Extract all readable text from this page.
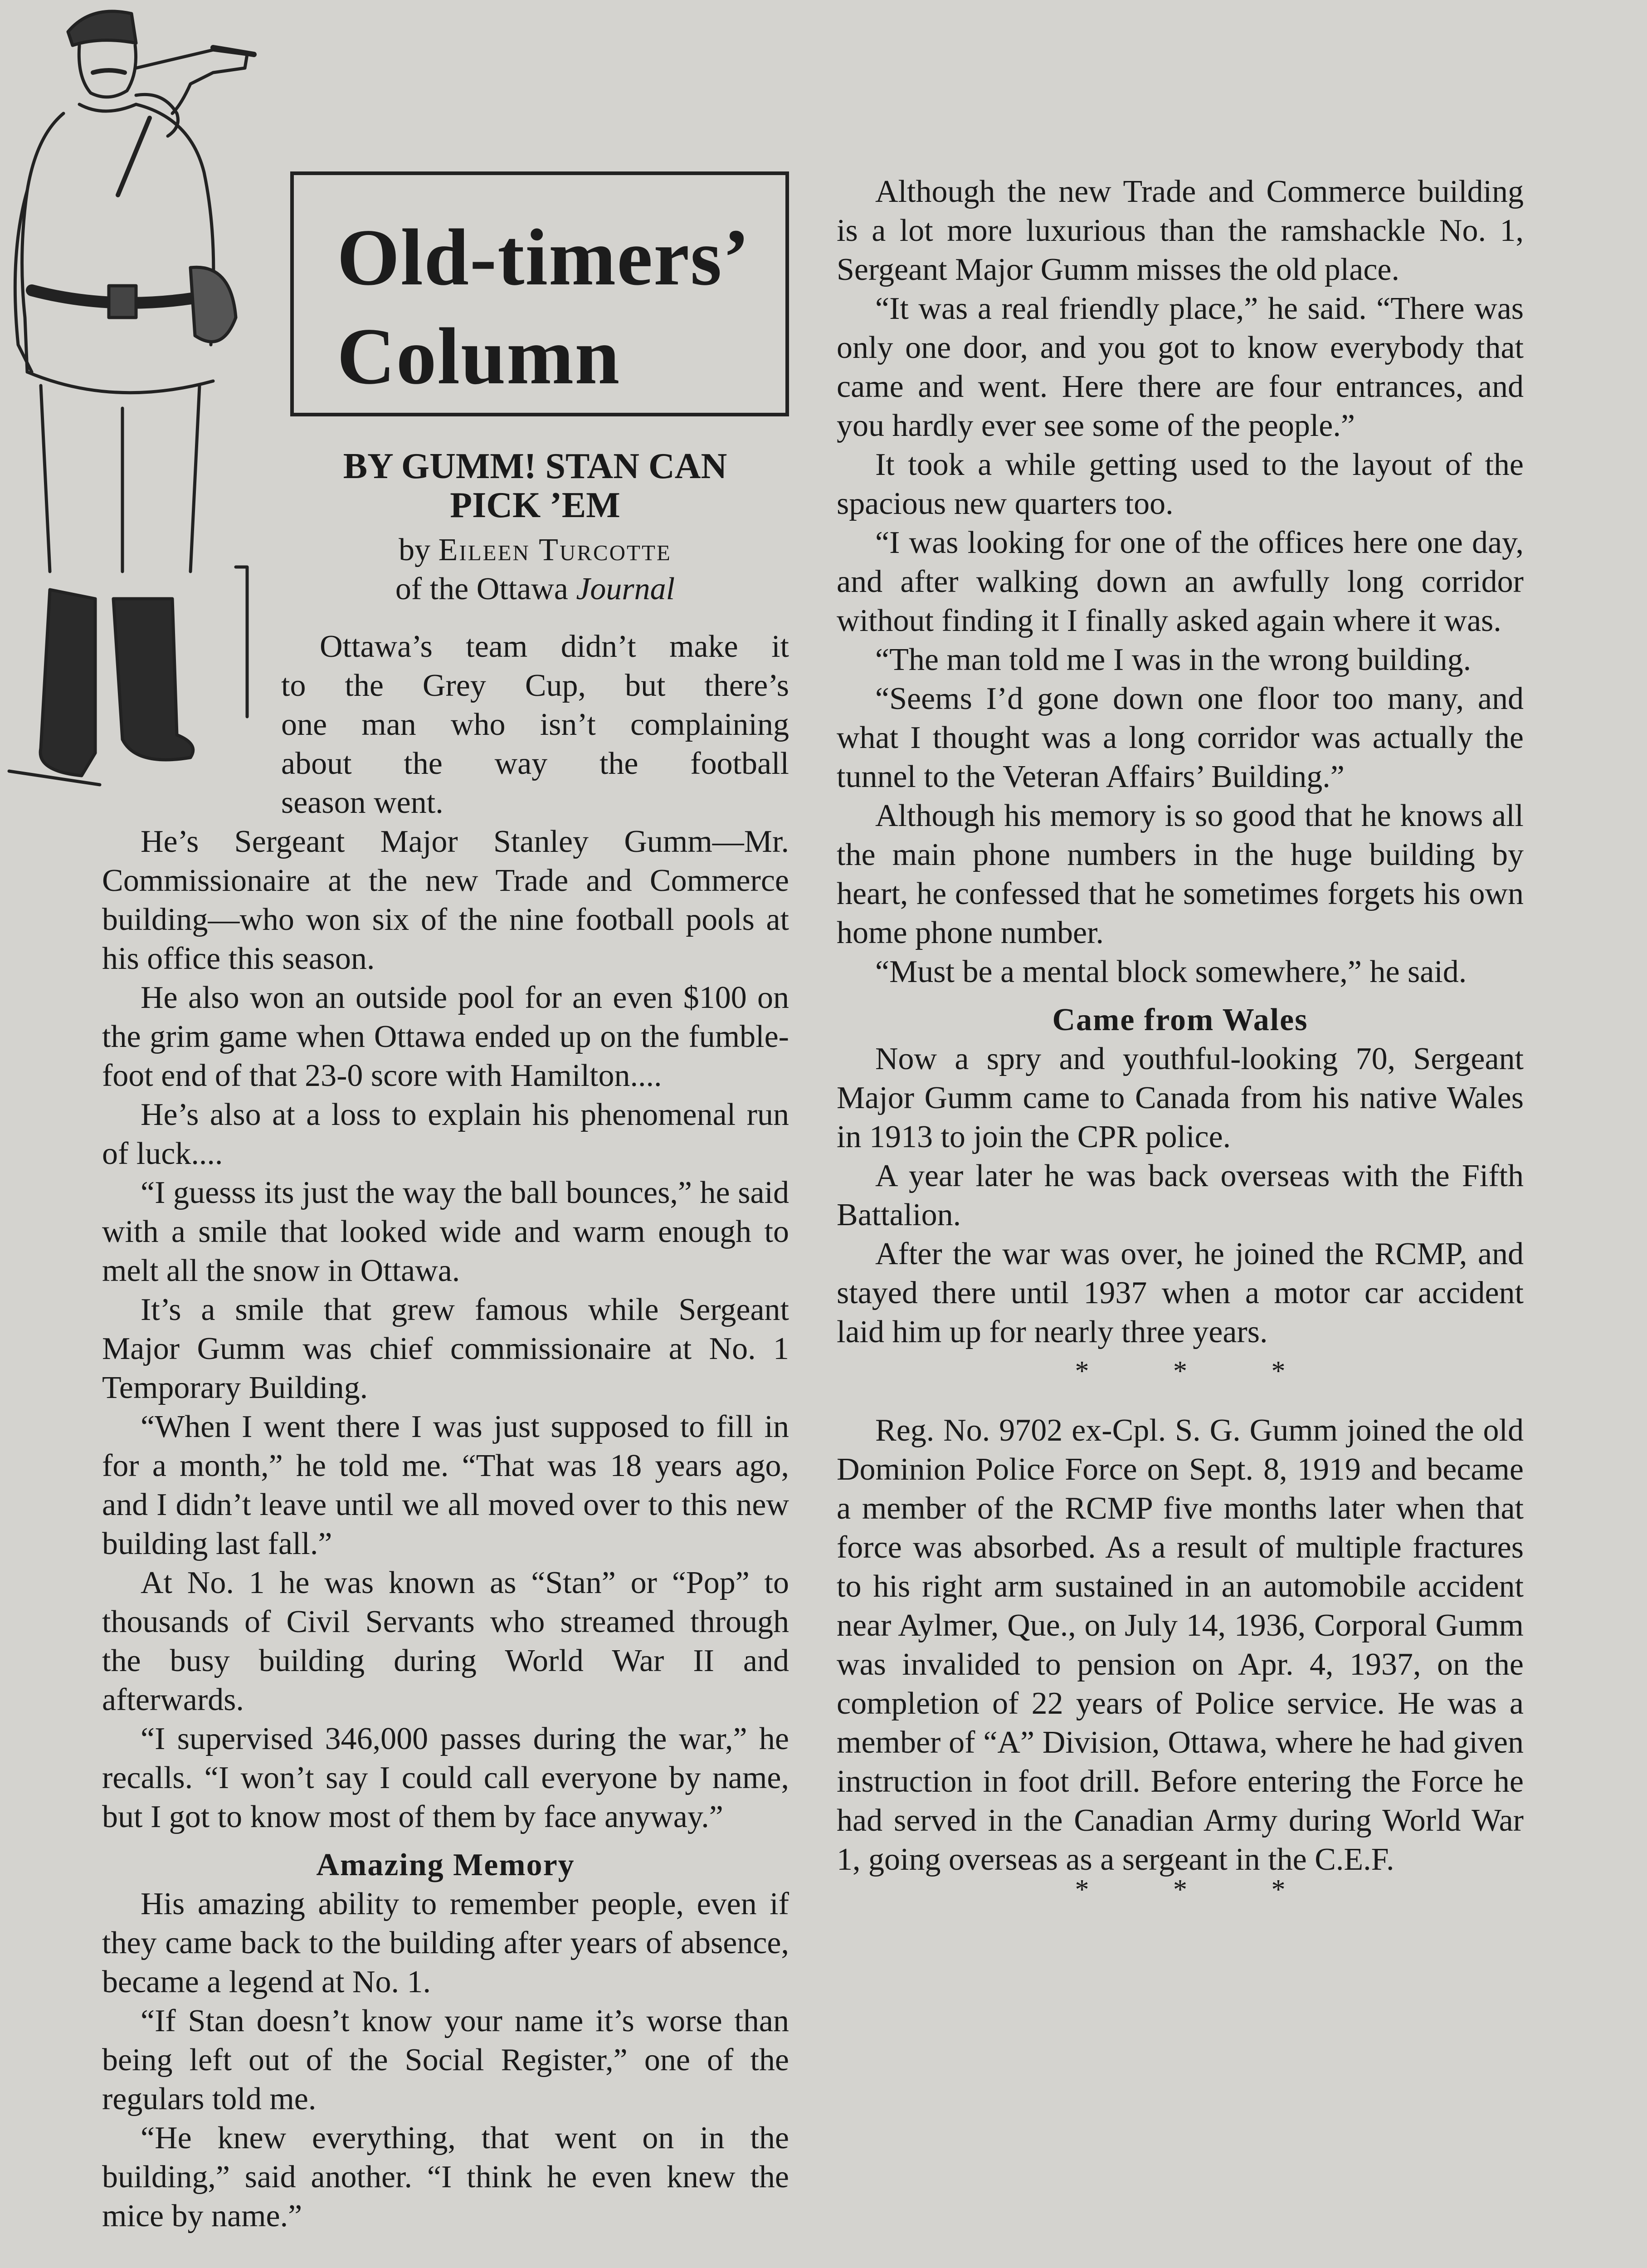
Old-timers’
Column
BY GUMM! STAN CAN
PICK ’EM
by Eileen Turcotte
of the Ottawa Journal
Ottawa’s team didn’t make it
to the Grey Cup, but there’s
one man who isn’t complaining
about the way the football
season went.

He’s Sergeant Major Stanley Gumm—Mr. Commissionaire at the new Trade and Commerce building—who won six of the nine football pools at his office this season.

He also won an outside pool for an even $100 on the grim game when Ottawa ended up on the fumble-foot end of that 23-0 score with Hamilton....

He’s also at a loss to explain his phenomenal run of luck....

“I guesss its just the way the ball bounces,” he said with a smile that looked wide and warm enough to melt all the snow in Ottawa.

It’s a smile that grew famous while Sergeant Major Gumm was chief commissionaire at No. 1 Temporary Building.

“When I went there I was just supposed to fill in for a month,” he told me. “That was 18 years ago, and I didn’t leave until we all moved over to this new building last fall.”

At No. 1 he was known as “Stan” or “Pop” to thousands of Civil Servants who streamed through the busy building during World War II and afterwards.

“I supervised 346,000 passes during the war,” he recalls. “I won’t say I could call everyone by name, but I got to know most of them by face anyway.”

Amazing Memory

His amazing ability to remember people, even if they came back to the building after years of absence, became a legend at No. 1.

“If Stan doesn’t know your name it’s worse than being left out of the Social Register,” one of the regulars told me.

“He knew everything, that went on in the building,” said another. “I think he even knew the mice by name.”

Although the new Trade and Commerce building is a lot more luxurious than the ramshackle No. 1, Sergeant Major Gumm misses the old place.

“It was a real friendly place,” he said. “There was only one door, and you got to know everybody that came and went. Here there are four entrances, and you hardly ever see some of the people.”

It took a while getting used to the layout of the spacious new quarters too.

“I was looking for one of the offices here one day, and after walking down an awfully long corridor without finding it I finally asked again where it was.

“The man told me I was in the wrong building.

“Seems I’d gone down one floor too many, and what I thought was a long corridor was actually the tunnel to the Veteran Affairs’ Building.”

Although his memory is so good that he knows all the main phone numbers in the huge building by heart, he confessed that he sometimes forgets his own home phone number.

“Must be a mental block somewhere,” he said.

Came from Wales

Now a spry and youthful-looking 70, Sergeant Major Gumm came to Canada from his native Wales in 1913 to join the CPR police.

A year later he was back overseas with the Fifth Battalion.

After the war was over, he joined the RCMP, and stayed there until 1937 when a motor car accident laid him up for nearly three years.

* * *

Reg. No. 9702 ex-Cpl. S. G. Gumm joined the old Dominion Police Force on Sept. 8, 1919 and became a member of the RCMP five months later when that force was absorbed. As a result of multiple fractures to his right arm sustained in an automobile accident near Aylmer, Que., on July 14, 1936, Corporal Gumm was invalided to pension on Apr. 4, 1937, on the completion of 22 years of Police service. He was a member of “A” Division, Ottawa, where he had given instruction in foot drill. Before entering the Force he had served in the Canadian Army during World War 1, going overseas as a sergeant in the C.E.F.

* * *
